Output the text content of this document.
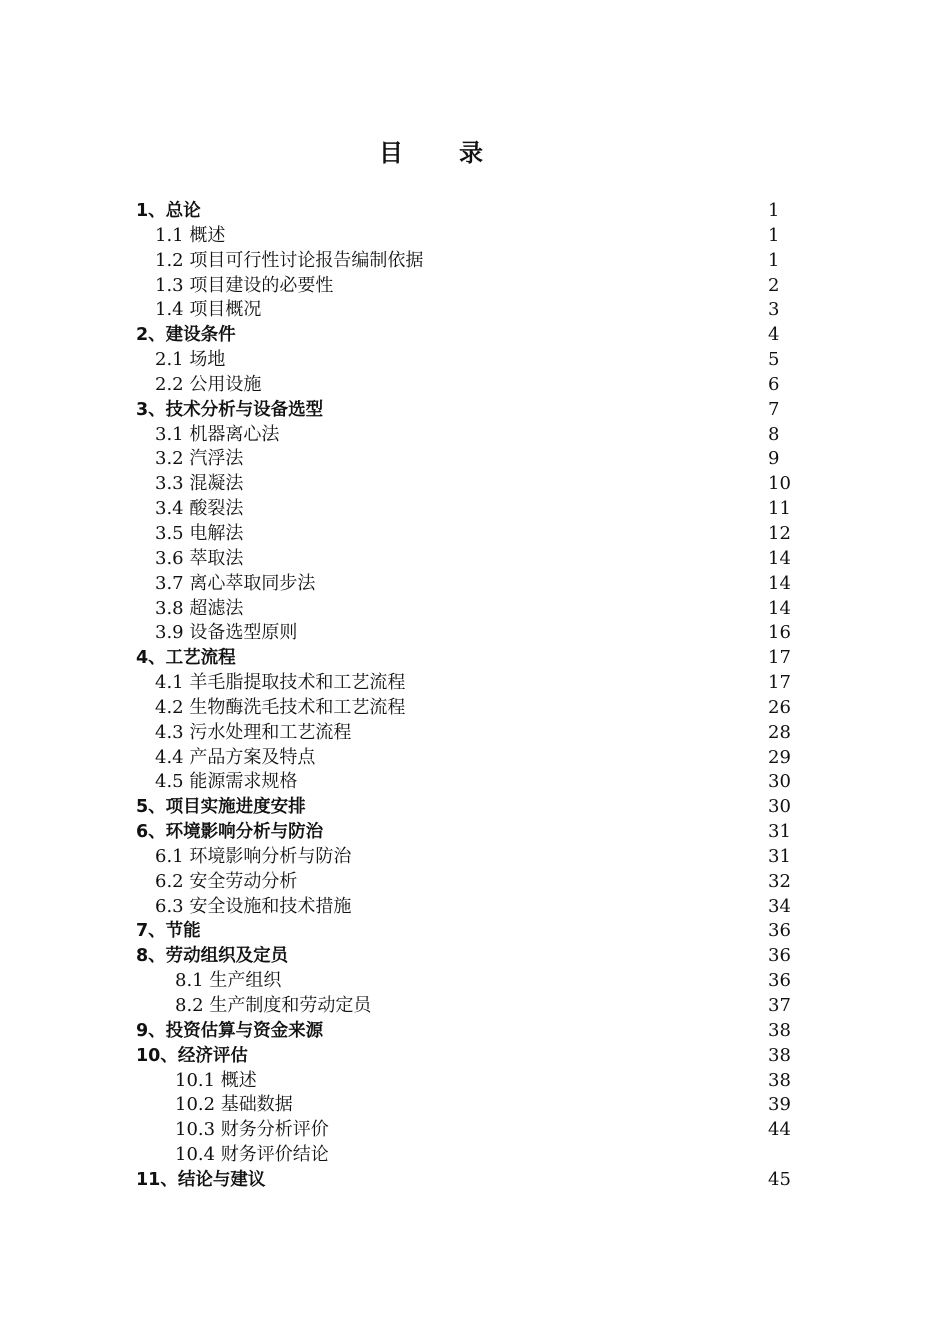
目 录
1、总论	1
1.1 概述	1
1.2 项目可行性讨论报告编制依据	1
1.3 项目建设的必要性	2
1.4 项目概况	3
2、建设条件	4
2.1 场地	5
2.2 公用设施	6
3、技术分析与设备选型	7
3.1 机器离心法	8
3.2 汽浮法	9
3.3 混凝法	10
3.4 酸裂法	11
3.5 电解法	12
3.6 萃取法	14
3.7 离心萃取同步法	14
3.8 超滤法	14
3.9 设备选型原则	16
4、工艺流程	17
4.1 羊毛脂提取技术和工艺流程	17
4.2 生物酶洗毛技术和工艺流程	26
4.3 污水处理和工艺流程	28
4.4 产品方案及特点	29
4.5 能源需求规格	30
5、项目实施进度安排	30
6、环境影响分析与防治	31
6.1 环境影响分析与防治	31
6.2 安全劳动分析	32
6.3 安全设施和技术措施	34
7、节能	36
8、劳动组织及定员	36
8.1 生产组织	36
8.2 生产制度和劳动定员	37
9、投资估算与资金来源	38
10、经济评估	38
10.1 概述	38
10.2 基础数据	39
10.3 财务分析评价	44
10.4 财务评价结论
11、结论与建议	45
